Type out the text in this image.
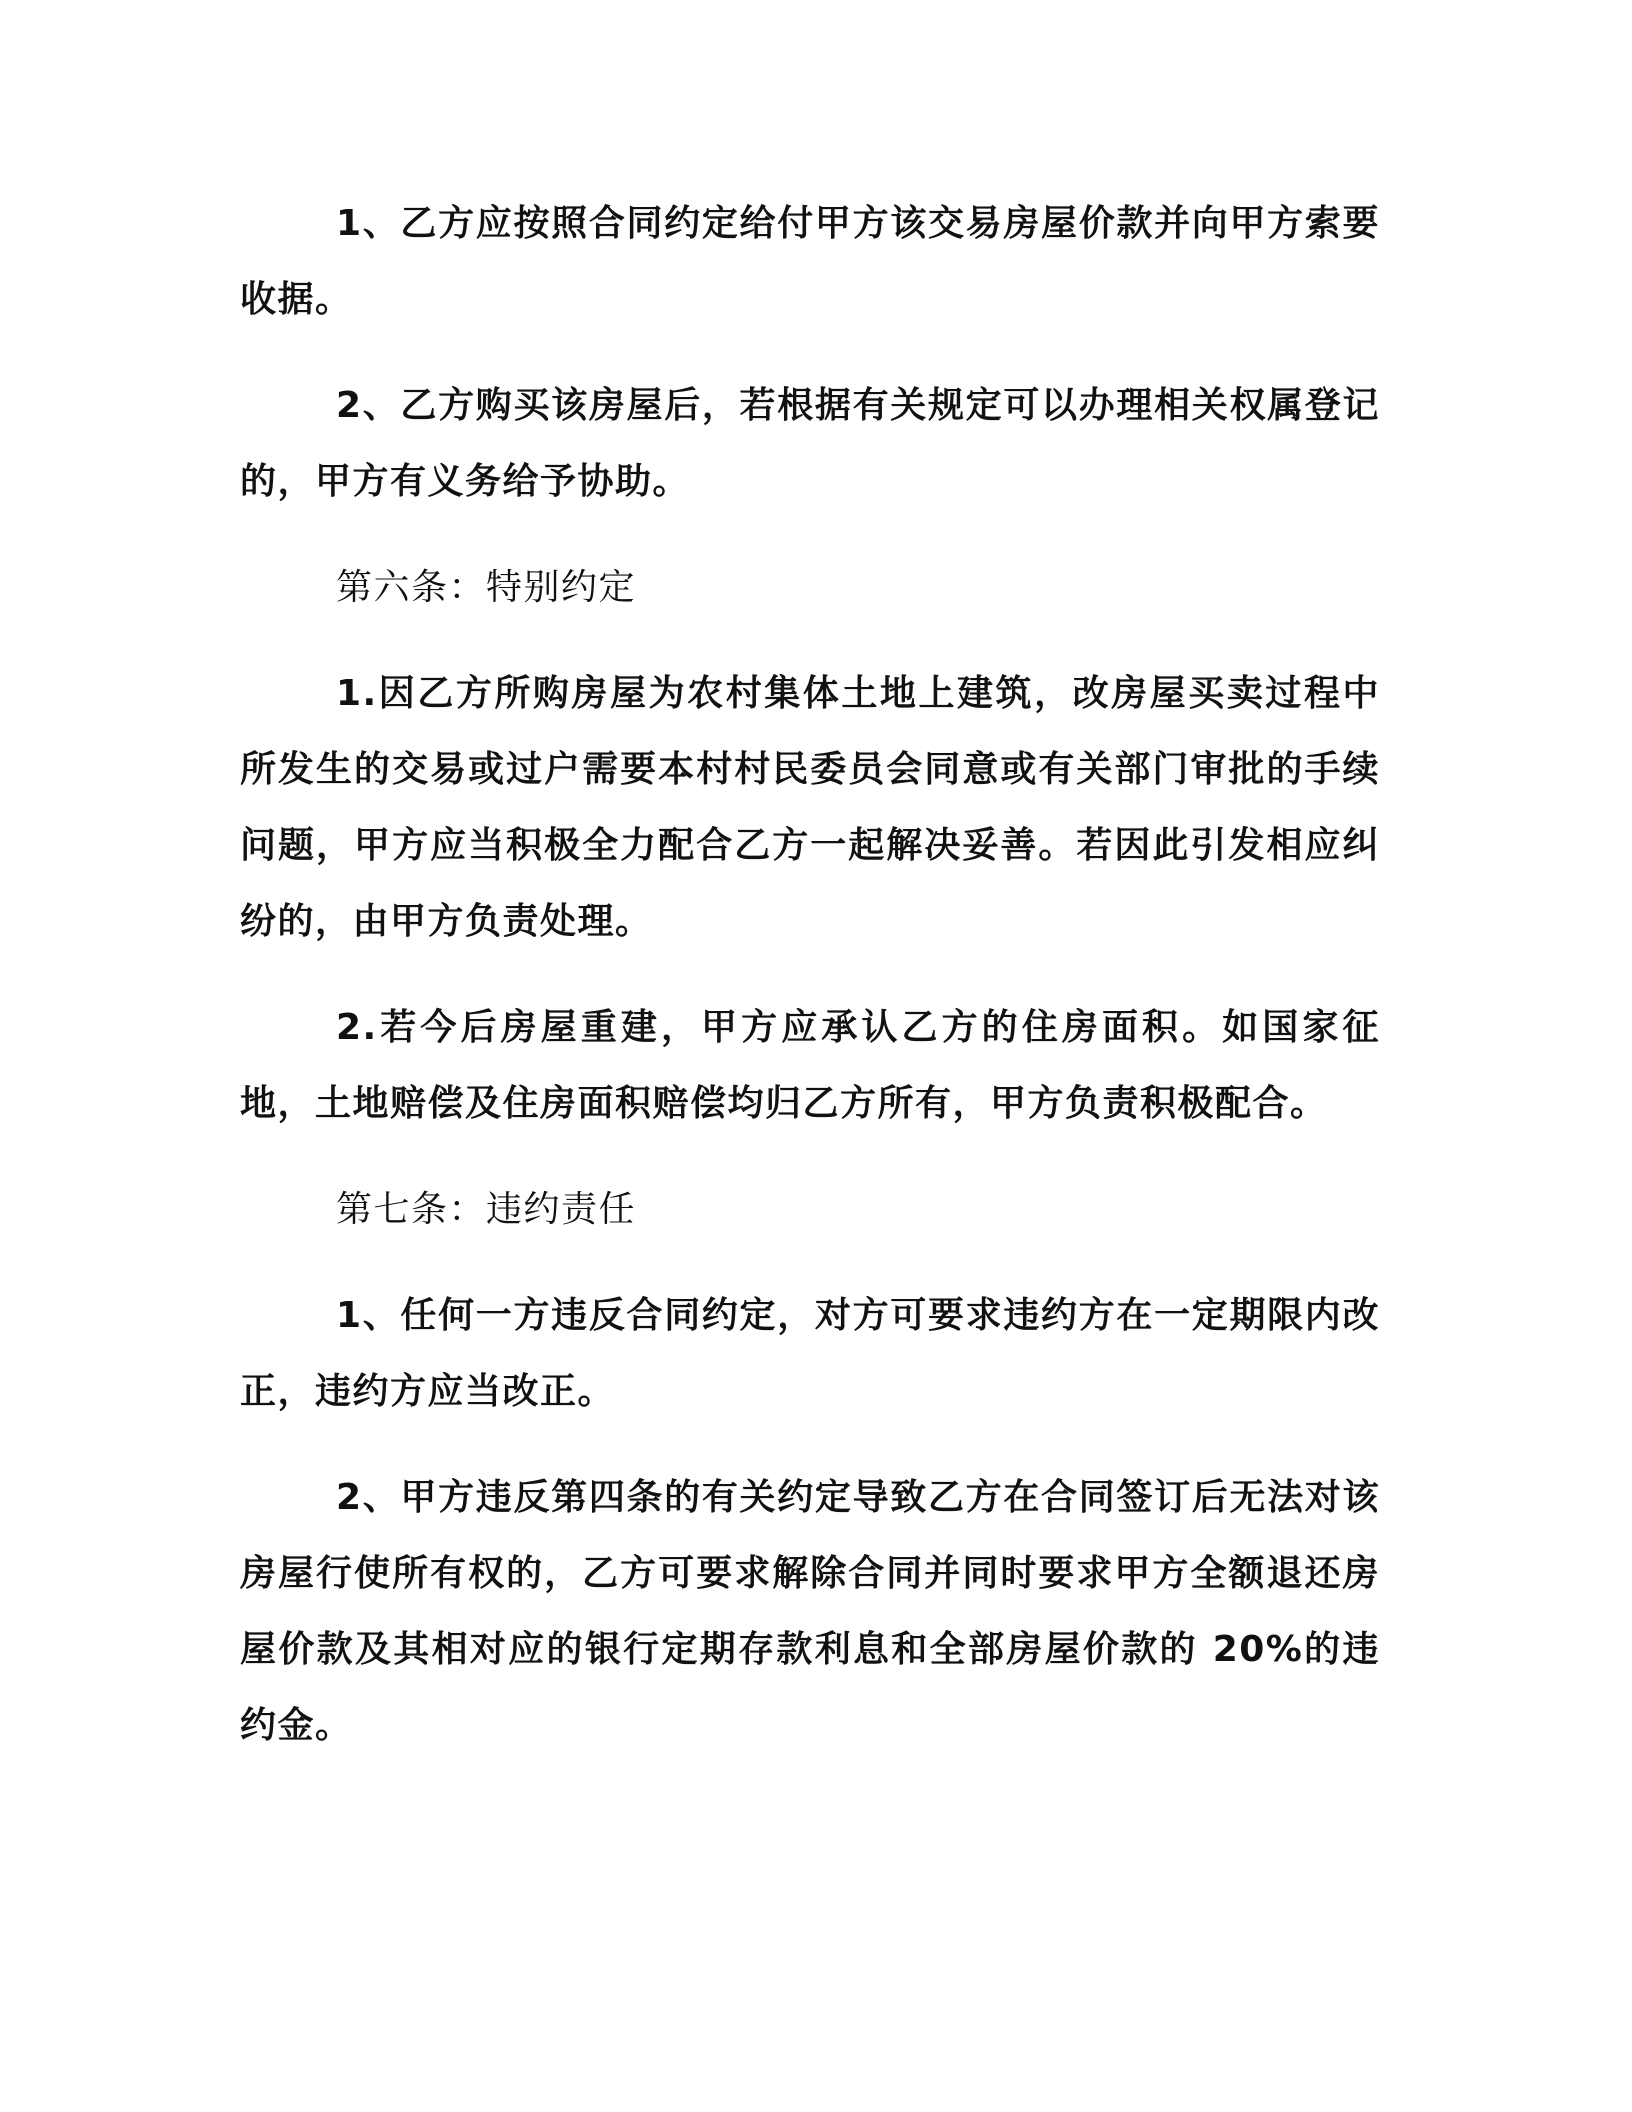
1、乙方应按照合同约定给付甲方该交易房屋价款并向甲方索要收据。

2、乙方购买该房屋后，若根据有关规定可以办理相关权属登记的，甲方有义务给予协助。

第六条：特别约定

1.因乙方所购房屋为农村集体土地上建筑，改房屋买卖过程中所发生的交易或过户需要本村村民委员会同意或有关部门审批的手续问题，甲方应当积极全力配合乙方一起解决妥善。若因此引发相应纠纷的，由甲方负责处理。

2.若今后房屋重建，甲方应承认乙方的住房面积。如国家征地，土地赔偿及住房面积赔偿均归乙方所有，甲方负责积极配合。

第七条：违约责任

1、任何一方违反合同约定，对方可要求违约方在一定期限内改正，违约方应当改正。

2、甲方违反第四条的有关约定导致乙方在合同签订后无法对该房屋行使所有权的，乙方可要求解除合同并同时要求甲方全额退还房屋价款及其相对应的银行定期存款利息和全部房屋价款的 20%的违约金。
